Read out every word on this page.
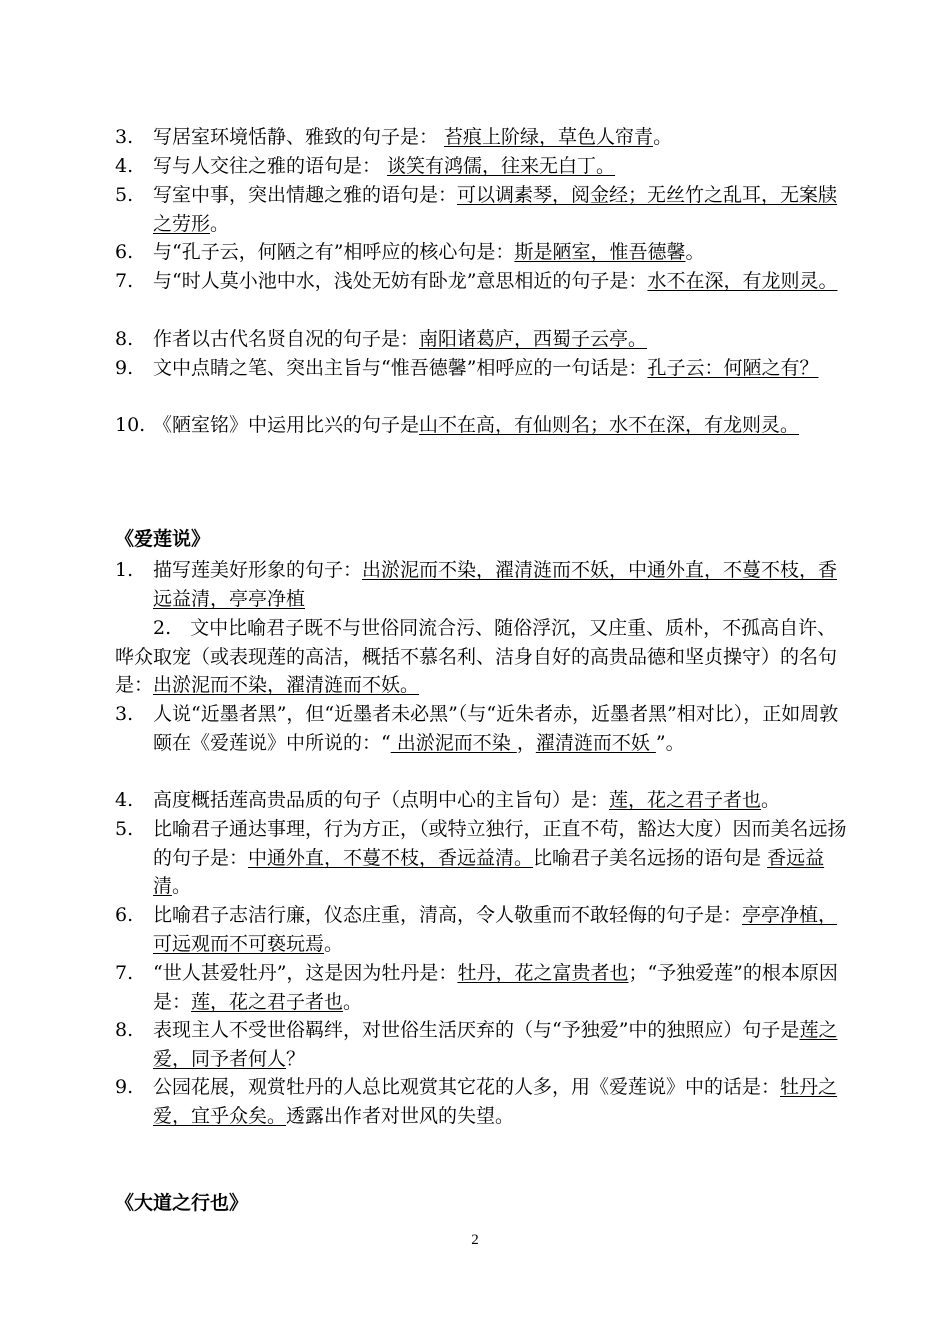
3. 写居室环境恬静、雅致的句子是： 苔痕上阶绿，草色人帘青。
4. 写与人交往之雅的语句是： 谈笑有鸿儒，往来无白丁。
5. 写室中事，突出情趣之雅的语句是：可以调素琴，阅金经；无丝竹之乱耳，无案牍之劳形。
6. 与“孔子云，何陋之有”相呼应的核心句是：斯是陋室，惟吾德馨。
7. 与“时人莫小池中水，浅处无妨有卧龙”意思相近的句子是：水不在深，有龙则灵。
8. 作者以古代名贤自况的句子是：南阳诸葛庐，西蜀子云亭。
9. 文中点睛之笔、突出主旨与“惟吾德馨”相呼应的一句话是：孔子云：何陋之有？
10. 《陋室铭》中运用比兴的句子是山不在高，有仙则名；水不在深，有龙则灵。
《爱莲说》
1. 描写莲美好形象的句子：出淤泥而不染，濯清涟而不妖，中通外直，不蔓不枝，香远益清，亭亭净植
2.  文中比喻君子既不与世俗同流合污、随俗浮沉，又庄重、质朴，不孤高自许、哗众取宠（或表现莲的高洁，概括不慕名利、洁身自好的高贵品德和坚贞操守）的名句是：出淤泥而不染，濯清涟而不妖。
3. 人说“近墨者黑”，但“近墨者未必黑”（与“近朱者赤，近墨者黑”相对比），正如周敦颐在《爱莲说》中所说的：“ 出淤泥而不染 ，濯清涟而不妖 ”。
4. 高度概括莲高贵品质的句子（点明中心的主旨句）是：莲，花之君子者也。
5. 比喻君子通达事理，行为方正，（或特立独行，正直不苟，豁达大度）因而美名远扬的句子是：中通外直，不蔓不枝，香远益清。比喻君子美名远扬的语句是 香远益清。
6. 比喻君子志洁行廉，仪态庄重，清高，令人敬重而不敢轻侮的句子是：亭亭净植，可远观而不可亵玩焉。
7. “世人甚爱牡丹”，这是因为牡丹是：牡丹，花之富贵者也；“予独爱莲”的根本原因是：莲，花之君子者也。
8. 表现主人不受世俗羁绊，对世俗生活厌弃的（与“予独爱”中的独照应）句子是莲之爱，同予者何人？
9. 公园花展，观赏牡丹的人总比观赏其它花的人多，用《爱莲说》中的话是：牡丹之爱，宜乎众矣。透露出作者对世风的失望。
《大道之行也》
2
